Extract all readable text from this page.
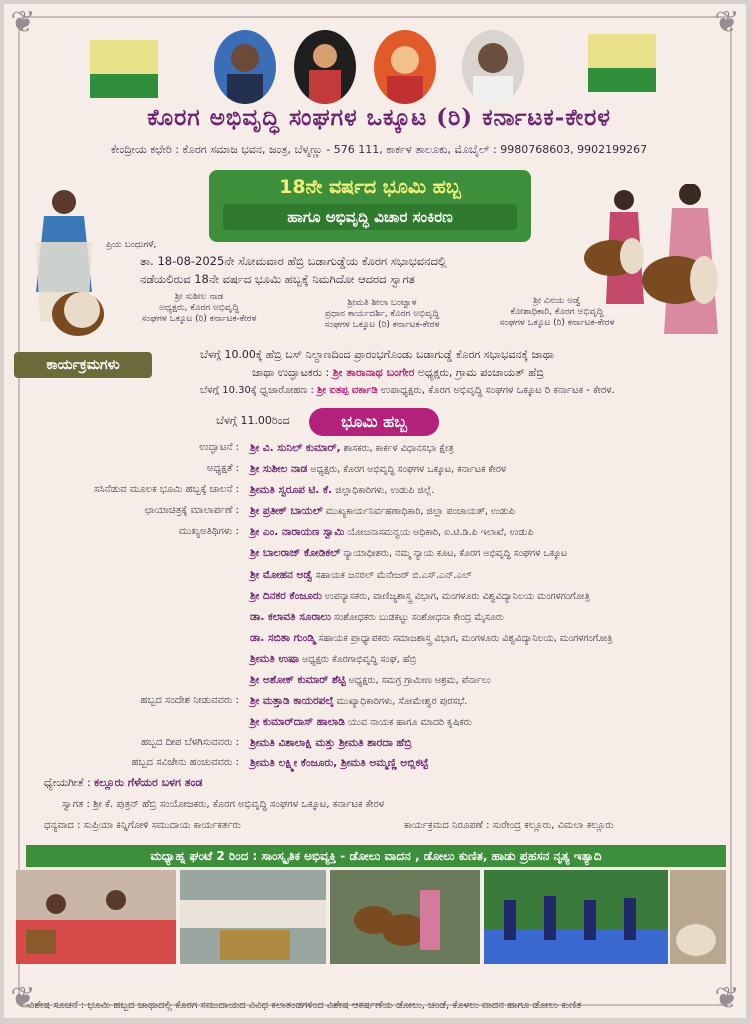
❦	❦
❦	❦
ಕೊರಗ ಅಭಿವೃದ್ಧಿ ಸಂಘಗಳ ಒಕ್ಕೂಟ (ರಿ) ಕರ್ನಾಟಕ-ಕೇರಳ
ಕೇಂದ್ರೀಯ ಕಛೇರಿ : ಕೊರಗ ಸಮಾಜ ಭವನ, ಜಂತ್ರ, ಬೆಳ್ಮಣ್ಣು - 576 111, ಕಾರ್ಕಳ ತಾಲೂಕು, ಮೊಬೈಲ್ : 9980768603, 9902199267
18ನೇ ವರ್ಷದ ಭೂಮಿ ಹಬ್ಬ
ಹಾಗೂ ಅಭಿವೃದ್ಧಿ ವಿಚಾರ ಸಂಕಿರಣ
ಪ್ರಿಯ ಬಂಧುಗಳೆ,
ತಾ. 18-08-2025ನೇ ಸೋಮವಾರ ಹೆಬ್ರಿ ಬಡಾಗುಡ್ಡೆಯ ಕೊರಗ ಸಭಾಭವನದಲ್ಲಿ
ನಡೆಯಲಿರುವ 18ನೇ ವರ್ಷದ ಭೂಮಿ ಹಬ್ಬಕ್ಕೆ ನಿಮಗಿದೋ ಆದರದ ಸ್ವಾಗತ
ಶ್ರೀ ಸುಶೀಲ ನಾಡ
ಅಧ್ಯಕ್ಷರು, ಕೊರಗ ಅಭಿವೃದ್ಧಿ
ಸಂಘಗಳ ಒಕ್ಕೂಟ (ರಿ) ಕರ್ನಾಟಕ-ಕೇರಳ
ಶ್ರೀಮತಿ ಶೀಲಾ ಬಂಟ್ವಾಳ
ಪ್ರಧಾನ ಕಾರ್ಯದರ್ಶಿ, ಕೊರಗ ಅಭಿವೃದ್ಧಿ
ಸಂಘಗಳ ಒಕ್ಕೂಟ (ರಿ) ಕರ್ನಾಟಕ-ಕೇರಳ
ಶ್ರೀ ವಿನಯ ಅಡ್ವೆ
ಕೋಶಾಧಿಕಾರಿ, ಕೊರಗ ಅಭಿವೃದ್ಧಿ
ಸಂಘಗಳ ಒಕ್ಕೂಟ (ರಿ) ಕರ್ನಾಟಕ-ಕೇರಳ
ಕಾರ್ಯಕ್ರಮಗಳು
ಬೆಳಗ್ಗೆ 10.00ಕ್ಕೆ ಹೆಬ್ರಿ ಬಸ್ ನಿಲ್ದಾಣದಿಂದ ಪ್ರಾರಂಭಗೊಂಡು ಬಡಾಗುಡ್ಡೆ ಕೊರಗ ಸಭಾಭವನಕ್ಕೆ ಜಾಥಾ
ಜಾಥಾ ಉದ್ಘಾಟಕರು : ಶ್ರೀ ತಾರಾನಾಥ ಬಂಗೇರ ಅಧ್ಯಕ್ಷರು, ಗ್ರಾಮ ಪಂಚಾಯತ್ ಹೆಬ್ರಿ
ಬೆಳಗ್ಗೆ 10.30ಕ್ಕೆ ಧ್ವಜಾರೋಹಣ : ಶ್ರೀ ಐತಪ್ಪ ವರ್ಕಾಡಿ ಉಪಾಧ್ಯಕ್ಷರು, ಕೊರಗ ಅಭಿವೃದ್ಧಿ ಸಂಘಗಳ ಒಕ್ಕೂಟ ರಿ ಕರ್ನಾಟಕ - ಕೇರಳ.
ಬೆಳಗ್ಗೆ 11.00ರಿಂದ	ಭೂಮಿ ಹಬ್ಬ
ಉದ್ಘಾಟನೆ : ಶ್ರೀ ವಿ. ಸುನಿಲ್ ಕುಮಾರ್, ಶಾಸಕರು, ಕಾರ್ಕಳ ವಿಧಾನಸಭಾ ಕ್ಷೇತ್ರ
ಅಧ್ಯಕ್ಷತೆ : ಶ್ರೀ ಸುಶೀಲ ನಾಡ ಅಧ್ಯಕ್ಷರು, ಕೊರಗ ಅಭಿವೃದ್ಧಿ ಸಂಘಗಳ ಒಕ್ಕೂಟ, ಕರ್ನಾಟಕ ಕೇರಳ
ಸಸಿನೆಡುವ ಮೂಲಕ ಭೂಮಿ ಹಬ್ಬಕ್ಕೆ ಚಾಲನೆ : ಶ್ರೀಮತಿ ಸ್ವರೂಪ ಟಿ. ಕೆ. ಜಿಲ್ಲಾಧಿಕಾರಿಗಳು, ಉಡುಪಿ ಜಿಲ್ಲೆ.
ಛಾಯಾಚಿತ್ರಕ್ಕೆ ಮಾಲಾರ್ಪಣೆ : ಶ್ರೀ ಪ್ರತೀಕ್ ಬಾಯಲ್ ಮುಖ್ಯಕಾರ್ಯನಿರ್ವಹಣಾಧಿಕಾರಿ, ಜಿಲ್ಲಾ ಪಂಚಾಯತ್, ಉಡುಪಿ
ಮುಖ್ಯಅತಿಥಿಗಳು : ಶ್ರೀ ಎಂ. ನಾರಾಯಣ ಸ್ವಾಮಿ ಯೋಜನಾಸಮನ್ವಯ ಅಧಿಕಾರಿ, ಐ.ಟಿ.ಡಿ.ಪಿ ಇಲಾಖೆ, ಉಡುಪಿ
ಶ್ರೀ ಬಾಲರಾಜ್ ಕೋಡಿಕಲ್ ನ್ಯಾಯಾಧೀಶರು, ನಮ್ಮ ನ್ಯಾಯ ಕೂಟ, ಕೊರಗ ಅಭಿವೃದ್ಧಿ ಸಂಘಗಳ ಒಕ್ಕೂಟ
ಶ್ರೀ ಮೋಹನ ಅಡ್ವೆ ಸಹಾಯಕ ಜನರಲ್ ಮೆನೇಜರ್ ಬಿ.ಎಸ್.ಎನ್.ಎಲ್
ಶ್ರೀ ದಿನಕರ ಕೆಂಜೂರು ಉಪನ್ಯಾಸಕರು, ವಾಣಿಜ್ಯಶಾಸ್ತ್ರ ವಿಭಾಗ, ಮಂಗಳೂರು ವಿಶ್ವವಿದ್ಯಾನಿಲಯ ಮಂಗಳಗಂಗೋತ್ರಿ
ಡಾ. ಕಲಾವತಿ ಸೂರಾಲು ಸಂಶೋಧಕರು ಬುಡಕಟ್ಟು ಸಂಶೋಧನಾ ಕೇಂದ್ರ ಮೈಸೂರು
ಡಾ. ಸಬಿತಾ ಗುಂಡ್ಮಿ ಸಹಾಯಕ ಪ್ರಾಧ್ಯಾಪಕರು ಸಮಾಜಶಾಸ್ತ್ರ ವಿಭಾಗ, ಮಂಗಳೂರು ವಿಶ್ವವಿದ್ಯಾನಿಲಯ, ಮಂಗಳಗಂಗೋತ್ರಿ
ಶ್ರೀಮತಿ ಉಷಾ ಅಧ್ಯಕ್ಷರು ಕೊರಗಾಭಿವೃದ್ಧಿ ಸಂಘ, ಹೆಬ್ರಿ
ಶ್ರೀ ಅಶೋಕ್ ಕುಮಾರ್ ಶೆಟ್ಟಿ ಅಧ್ಯಕ್ಷರು, ಸಮಗ್ರ ಗ್ರಾಮೀಣ ಆಶ್ರಮ, ಪೆರ್ನಾಲು
ಹಬ್ಬದ ಸಂದೇಶ ನೀಡುವವರು : ಶ್ರೀ ಮತ್ತಾಡಿ ಕಾಯರಪಲ್ಕೆ ಮುಖ್ಯಾಧಿಕಾರಿಗಳು, ಸೋಮೇಶ್ವರ ಪುರಸಭೆ.
ಶ್ರೀ ಕುಮಾರ್‌ದಾಸ್ ಹಾಲಾಡಿ ಯುವ ನಾಯಕ ಹಾಗೂ ಮಾದರಿ ಕೃಷಿಕರು
ಹಬ್ಬದ ದೀಪ ಬೆಳಗಿಸುವವರು : ಶ್ರೀಮತಿ ವಿಶಾಲಾಕ್ಷಿ ಮತ್ತು ಶ್ರೀಮತಿ ಶಾರದಾ ಹೆಬ್ರಿ
ಹಬ್ಬದ ಸವಿಜೇನು ಹಂಚುವವರು : ಶ್ರೀಮತಿ ಲಕ್ಷ್ಮೀ ಕೆಂಜೂರು, ಶ್ರೀಮತಿ ಅಮ್ಮಣ್ಣಿ ಅಬ್ಲಿಕಟ್ಟೆ
ಧ್ಯೇಯಗೀತೆ : ಕಲ್ಲೂರು ಗೆಳೆಯರ ಬಳಗ ತಂಡ
ಸ್ವಾಗತ : ಶ್ರೀ ಕೆ. ಪುತ್ರನ್ ಹೆಬ್ರಿ ಸಂಯೋಜಕರು, ಕೊರಗ ಅಭಿವೃದ್ಧಿ ಸಂಘಗಳ ಒಕ್ಕೂಟ, ಕರ್ನಾಟಕ ಕೇರಳ
ಧನ್ಯವಾದ : ಸುಪ್ರಿಯಾ ಕಿನ್ನಿಗೋಳಿ ಸಮುದಾಯ ಕಾರ್ಯಕರ್ತರು	ಕಾರ್ಯಕ್ರಮದ ನಿರೂಪಣೆ : ಸುರೇಂದ್ರ ಕಲ್ಲೂರು, ವಿಮಲಾ ಕಲ್ಲೂರು
ಮಧ್ಯಾಹ್ನ ಘಂಟೆ 2 ರಿಂದ : ಸಾಂಸ್ಕೃತಿಕ ಅಭಿವ್ಯಕ್ತಿ - ಡೋಲು ವಾದನ , ಡೋಲು ಕುಣಿತ, ಹಾಡು ಪ್ರಹಸನ ನೃತ್ಯ ಇತ್ಯಾದಿ
ವಿಶೇಷ ಸೂಚನೆ : ಭೂಮಿ ಹಬ್ಬದ ಜಾಥಾದಲ್ಲಿ ಕೊರಗ ಸಮುದಾಯದ ವಿವಿಧ ಕಲಾತಂಡಗಳಿಂದ ವಿಶೇಷ ಆಕರ್ಷಣೆಯ ಡೋಲು, ಚಂಡೆ, ಕೊಳಲು ವಾದನ ಹಾಗೂ ಡೋಲು ಕುಣಿತ
